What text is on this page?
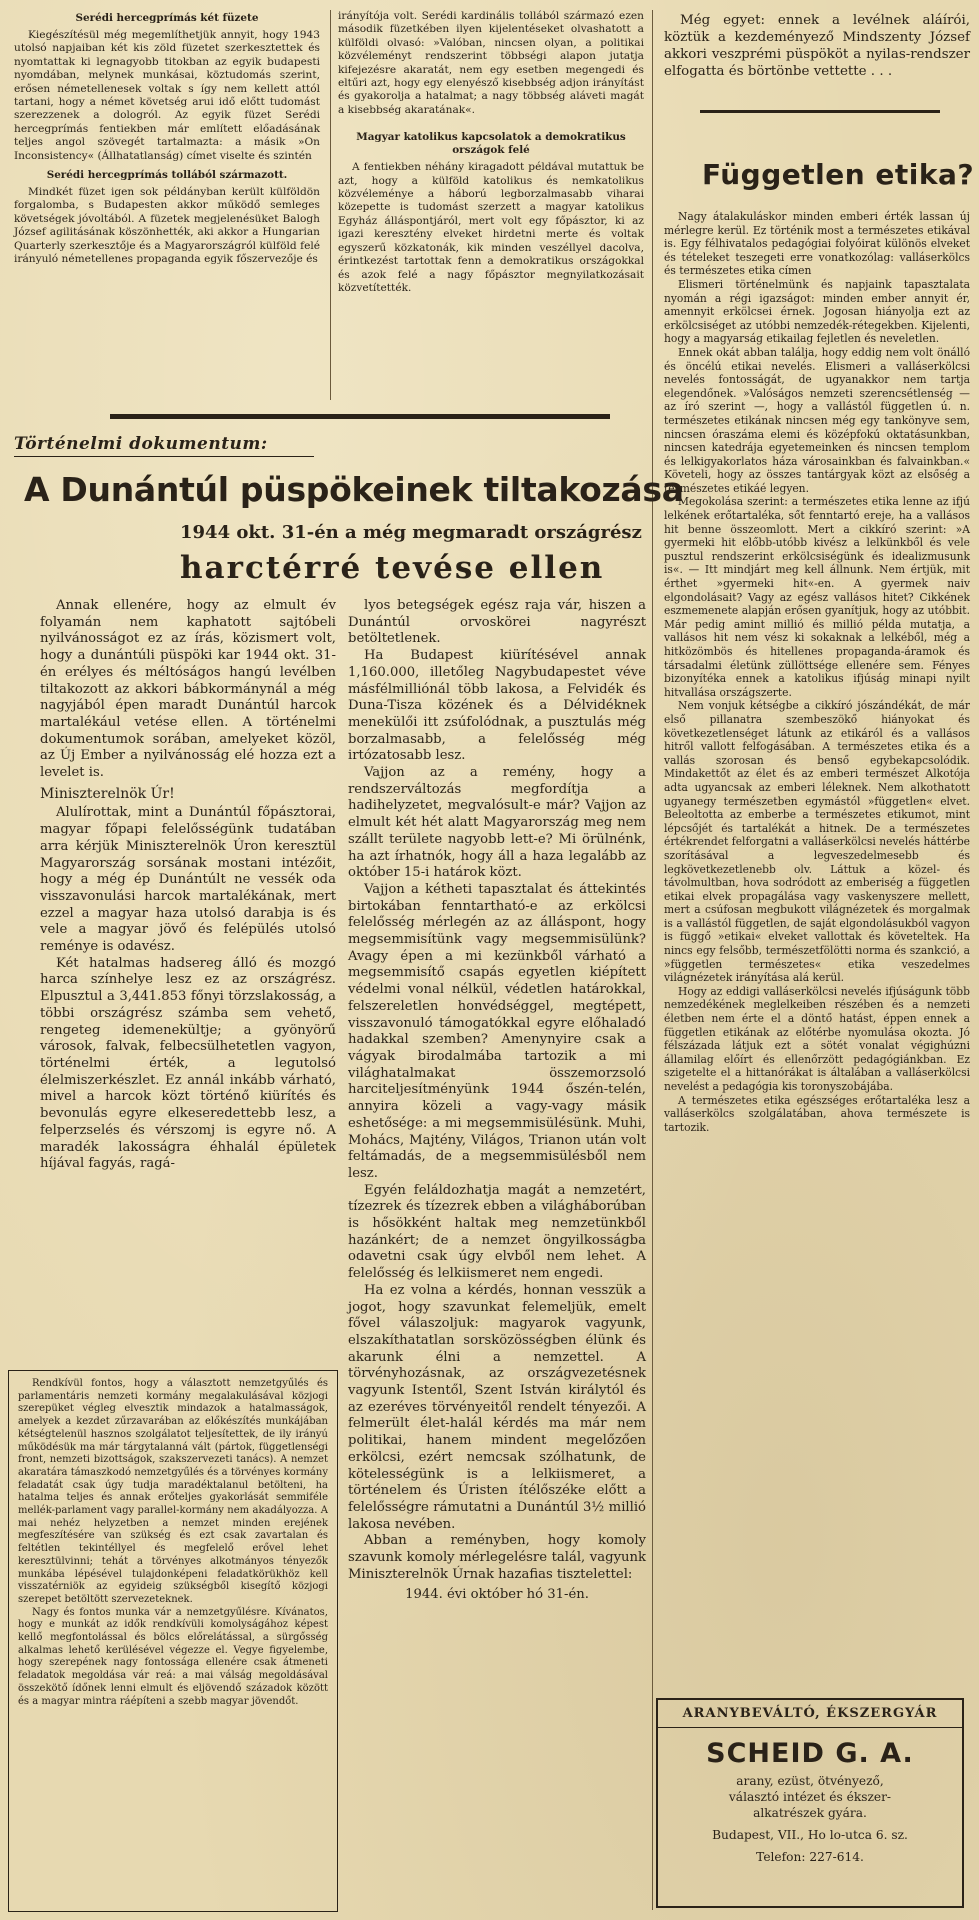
Serédi hercegprímás két füzete

Kiegészítésül még megemlíthetjük annyit, hogy 1943 utolsó napjaiban két kis zöld füzetet szerkesztettek és nyomtattak ki legnagyobb titokban az egyik budapesti nyomdában, melynek munkásai, köztudomás szerint, erősen németellenesek voltak s így nem kellett attól tartani, hogy a német követség arui idő előtt tudomást szerezzenek a dologról. Az egyik füzet Serédi hercegprímás fentiekben már említett előadásának teljes angol szövegét tartalmazta: a másik »On Inconsistency« (Állhatatlanság) címet viselte és szintén

Serédi hercegprímás tollából származott.

Mindkét füzet igen sok példányban került külföldön forgalomba, s Budapesten akkor működő semleges követségek jóvoltából. A füzetek megjelenésüket Balogh József agilitásának köszönhették, aki akkor a Hungarian Quarterly szerkesztője és a Magyarországról külföld felé irányuló németellenes propaganda egyik főszervezője és

irányítója volt. Serédi kardinális tollából származó ezen második füzetkében ilyen kijelentéseket olvashatott a külföldi olvasó: »Valóban, nincsen olyan, a politikai közvéleményt rendszerint többségi alapon jutatja kifejezésre akaratát, nem egy esetben megengedi és eltűri azt, hogy egy elenyésző kisebbség adjon irányítást és gyakorolja a hatalmat; a nagy többség aláveti magát a kisebbség akaratának«.

Magyar katolikus kapcsolatok a demokratikus országok felé

A fentiekben néhány kiragadott példával mutattuk be azt, hogy a külföld katolikus és nemkatolikus közvéleménye a háború legborzalmasabb viharai közepette is tudomást szerzett a magyar katolikus Egyház álláspontjáról, mert volt egy főpásztor, ki az igazi keresztény elveket hirdetni merte és voltak egyszerű közkatonák, kik minden veszéllyel dacolva, érintkezést tartottak fenn a demokratikus országokkal és azok felé a nagy főpásztor megnyilatkozásait közvetítették.

Történelmi dokumentum:
A Dunántúl püspökeinek tiltakozása
1944 okt. 31-én a még megmaradt országrész
harctérré tevése ellen

Annak ellenére, hogy az elmult év folyamán nem kaphatott sajtóbeli nyilvánosságot ez az írás, közismert volt, hogy a dunántúli püspöki kar 1944 okt. 31-én erélyes és méltóságos hangú levélben tiltakozott az akkori bábkormánynál a még nagyjából épen maradt Dunántúl harcok martalékául vetése ellen. A történelmi dokumentumok sorában, amelyeket közöl, az Új Ember a nyilvánosság elé hozza ezt a levelet is.

Miniszterelnök Úr!

Alulírottak, mint a Dunántúl főpásztorai, magyar főpapi felelősségünk tudatában arra kérjük Miniszterelnök Úron keresztül Magyarország sorsának mostani intézőit, hogy a még ép Dunántúlt ne vessék oda visszavonulási harcok martalékának, mert ezzel a magyar haza utolsó darabja is és vele a magyar jövő és felépülés utolsó reménye is odavész.

Két hatalmas hadsereg álló és mozgó harca színhelye lesz ez az országrész. Elpusztul a 3,441.853 főnyi törzslakosság, a többi országrész számba sem vehető, rengeteg idemenekültje; a gyönyörű városok, falvak, felbecsülhetetlen vagyon, történelmi érték, a legutolsó élelmiszerkészlet. Ez annál inkább várható, mivel a harcok közt történő kiürítés és bevonulás egyre elkeseredettebb lesz, a felperzselés és vérszomj is egyre nő. A maradék lakosságra éhhalál épületek híjával fagyás, ragá-

lyos betegségek egész raja vár, hiszen a Dunántúl orvoskörei nagyrészt betöltetlenek.

Ha Budapest kiürítésével annak 1,160.000, illetőleg Nagybudapestet véve másfélmilliónál több lakosa, a Felvidék és Duna-Tisza közének és a Délvidéknek menekülői itt zsúfolódnak, a pusztulás még borzalmasabb, a felelősség még irtózatosabb lesz.

Vajjon az a remény, hogy a rendszerváltozás megfordítja a hadihelyzetet, megvalósult-e már? Vajjon az elmult két hét alatt Magyarország meg nem szállt területe nagyobb lett-e? Mi örülnénk, ha azt írhatnók, hogy áll a haza legalább az október 15-i határok közt.

Vajjon a kétheti tapasztalat és áttekintés birtokában fenntartható-e az erkölcsi felelősség mérlegén az az álláspont, hogy megsemmisítünk vagy megsemmisülünk? Avagy épen a mi kezünkből várható a megsemmisítő csapás egyetlen kiépített védelmi vonal nélkül, védetlen határokkal, felszereletlen honvédséggel, megtépett, visszavonuló támogatókkal egyre előhaladó hadakkal szemben? Amenynyire csak a vágyak birodalmába tartozik a mi világhatalmakat összemorzsoló harciteljesítményünk 1944 őszén-telén, annyira közeli a vagy-vagy másik eshetősége: a mi megsemmisülésünk. Muhi, Mohács, Majtény, Világos, Trianon után volt feltámadás, de a megsemmisülésből nem lesz.

Egyén feláldozhatja magát a nemzetért, tízezrek és tízezrek ebben a világháborúban is hősökként haltak meg nemzetünkből hazánkért; de a nemzet öngyilkosságba odavetni csak úgy elvből nem lehet. A felelősség és lelkiismeret nem engedi.

Ha ez volna a kérdés, honnan vesszük a jogot, hogy szavunkat felemeljük, emelt fővel válaszoljuk: magyarok vagyunk, elszakíthatatlan sorsközösségben élünk és akarunk élni a nemzettel. A törvényhozásnak, az országvezetésnek vagyunk Istentől, Szent István királytól és az ezeréves törvényeitől rendelt tényezői. A felmerült élet-halál kérdés ma már nem politikai, hanem mindent megelőzően erkölcsi, ezért nemcsak szólhatunk, de kötelességünk is a lelkiismeret, a történelem és Úristen ítélőszéke előtt a felelősségre rámutatni a Dunántúl 3½ millió lakosa nevében.

Abban a reményben, hogy komoly szavunk komoly mérlegelésre talál, vagyunk Miniszterelnök Úrnak hazafias tisztelettel:

1944. évi október hó 31-én.

Rendkívül fontos, hogy a választott nemzetgyűlés és parlamentáris nemzeti kormány megalakulásával közjogi szerepüket végleg elvesztik mindazok a hatalmasságok, amelyek a kezdet zűrzavarában az előkészítés munkájában kétségtelenül hasznos szolgálatot teljesítettek, de ily irányú működésük ma már tárgytalanná vált (pártok, függetlenségi front, nemzeti bizottságok, szakszervezeti tanács). A nemzet akaratára támaszkodó nemzetgyűlés és a törvényes kormány feladatát csak úgy tudja maradéktalanul betölteni, ha hatalma teljes és annak erőteljes gyakorlását semmiféle mellék-parlament vagy parallel-kormány nem akadályozza. A mai nehéz helyzetben a nemzet minden erejének megfeszítésére van szükség és ezt csak zavartalan és feltétlen tekintéllyel és megfelelő erővel lehet keresztülvinni; tehát a törvényes alkotmányos tényezők munkába lépésével tulajdonképeni feladatkörükhöz kell visszatérniök az egyideig szükségből kisegítő közjogi szerepet betöltött szervezeteknek.

Nagy és fontos munka vár a nemzetgyűlésre. Kívánatos, hogy e munkát az idők rendkívüli komolyságához képest kellő megfontolással és bölcs előrelátással, a sürgősség alkalmas lehető kerülésével végezze el. Vegye figyelembe, hogy szerepének nagy fontossága ellenére csak átmeneti feladatok megoldása vár reá: a mai válság megoldásával összekötő ídőnek lenni elmult és eljövendő századok között és a magyar mintra ráépíteni a szebb magyar jövendőt.

Még egyet: ennek a levélnek aláírói, köztük a kezdeményező Mindszenty József akkori veszprémi püspököt a nyilas-rendszer elfogatta és börtönbe vettette . . .

Független etika?

Nagy átalakuláskor minden emberi érték lassan új mérlegre kerül. Ez történik most a természetes etikával is. Egy félhivatalos pedagógiai folyóirat különös elveket és tételeket teszegeti erre vonatkozólag: valláserkölcs és természetes etika címen

Elismeri történelmünk és napjaink tapasztalata nyomán a régi igazságot: minden ember annyit ér, amennyit erkölcsei érnek. Jogosan hiányolja ezt az erkölcsiséget az utóbbi nemzedék-rétegekben. Kijelenti, hogy a magyarság etikailag fejletlen és neveletlen.

Ennek okát abban találja, hogy eddig nem volt önálló és öncélú etikai nevelés. Elismeri a valláserkölcsi nevelés fontosságát, de ugyanakkor nem tartja elegendőnek. »Valóságos nemzeti szerencsétlenség — az író szerint —, hogy a vallástól független ú. n. természetes etikának nincsen még egy tankönyve sem, nincsen óraszáma elemi és középfokú oktatásunkban, nincsen katedrája egyetemeinken és nincsen templom és lelkigyakorlatos háza városainkban és falvainkban.« Követeli, hogy az összes tantárgyak közt az elsőség a természetes etikáé legyen.

Megokolása szerint: a természetes etika lenne az ifjú lelkének erőtartaléka, sőt fenntartó ereje, ha a vallásos hit benne összeomlott. Mert a cikkíró szerint: »A gyermeki hit előbb-utóbb kivész a lelkünkből és vele pusztul rendszerint erkölcsiségünk és idealizmusunk is«. — Itt mindjárt meg kell állnunk. Nem értjük, mit érthet »gyermeki hit«-en. A gyermek naiv elgondolásait? Vagy az egész vallásos hitet? Cikkének eszmemenete alapján erősen gyanítjuk, hogy az utóbbit. Már pedig amint millió és millió példa mutatja, a vallásos hit nem vész ki sokaknak a lelkéből, még a hitközömbös és hitellenes propaganda-áramok és társadalmi életünk züllöttsége ellenére sem. Fényes bizonyítéka ennek a katolikus ifjúság minapi nyilt hitvallása országszerte.

Nem vonjuk kétségbe a cikkíró jószándékát, de már első pillanatra szembeszökő hiányokat és következetlenséget látunk az etikáról és a vallásos hitről vallott felfogásában. A természetes etika és a vallás szorosan és benső egybekapcsolódik. Mindakettőt az élet és az emberi természet Alkotója adta ugyancsak az emberi léleknek. Nem alkothatott ugyanegy természetben egymástól »független« elvet. Beleoltotta az emberbe a természetes etikumot, mint lépcsőjét és tartalékát a hitnek. De a természetes értékrendet felforgatni a valláserkölcsi nevelés háttérbe szorításával a legveszedelmesebb és legkövetkezetlenebb olv. Láttuk a közel- és távolmultban, hova sodródott az emberiség a független etikai elvek propagálása vagy vaskenyszere mellett, mert a csúfosan megbukott világnézetek és morgalmak is a vallástól független, de saját elgondolásukból vagyon is függő »etikai« elveket vallottak és követeltek. Ha nincs egy felsőbb, természetfölötti norma és szankció, a »független természetes« etika veszedelmes világnézetek irányítása alá kerül.

Hogy az eddigi valláserkölcsi nevelés ifjúságunk több nemzedékének meglelkeiben részében és a nemzeti életben nem érte el a döntő hatást, éppen ennek a független etikának az előtérbe nyomulása okozta. Jó félszázada látjuk ezt a sötét vonalat végighúzni államilag előírt és ellenőrzött pedagógiánkban. Ez szigetelte el a hittanórákat is általában a valláserkölcsi nevelést a pedagógia kis toronyszobájába.

A természetes etika egészséges erőtartaléka lesz a valláserkölcs szolgálatában, ahova természete is tartozik.

ARANYBEVÁLTÓ, ÉKSZERGYÁR
SCHEID G. A.
arany, ezüst, ötvényező,
választó intézet és ékszer-
alkatrészek gyára.
Budapest, VII., Ho lo-utca 6. sz.
Telefon: 227-614.
